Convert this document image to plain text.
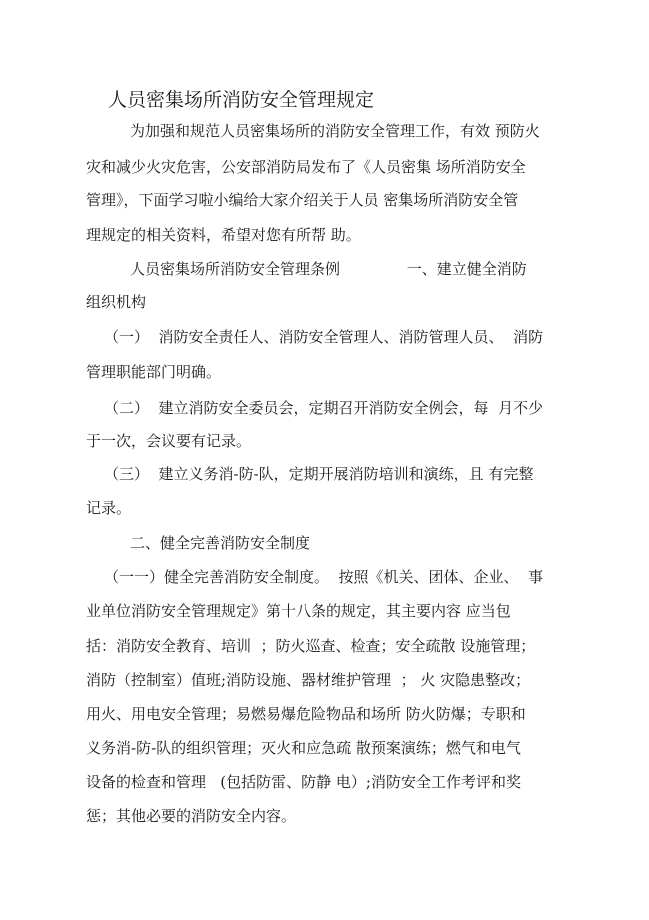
人员密集场所消防安全管理规定
为加强和规范人员密集场所的消防安全管理工作，有效 预防火
灾和减少火灾危害，公安部消防局发布了《人员密集 场所消防安全
管理》，下面学习啦小编给大家介绍关于人员 密集场所消防安全管
理规定的相关资料，希望对您有所帮 助。
人员密集场所消防安全管理条例              一、建立健全消防
组织机构
（一）  消防安全责任人、消防安全管理人、消防管理人员、  消防
管理职能部门明确。
（二）  建立消防安全委员会，定期召开消防安全例会，每  月不少
于一次，会议要有记录。
（三）  建立义务消-防-队，定期开展消防培训和演练，且 有完整
记录。
二、健全完善消防安全制度
（一一）健全完善消防安全制度。  按照《机关、团体、企业、  事
业单位消防安全管理规定》第十八条的规定，其主要内容 应当包
括：消防安全教育、培训  ；防火巡查、检查；安全疏散 设施管理；
消防（控制室）值班;消防设施、器材维护管理  ； 火 灾隐患整改；
用火、用电安全管理；易燃易爆危险物品和场所 防火防爆；专职和
义务消-防-队的组织管理；灭火和应急疏 散预案演练；燃气和电气
设备的检查和管理   (包括防雷、防静 电）;消防安全工作考评和奖
惩；其他必要的消防安全内容。
